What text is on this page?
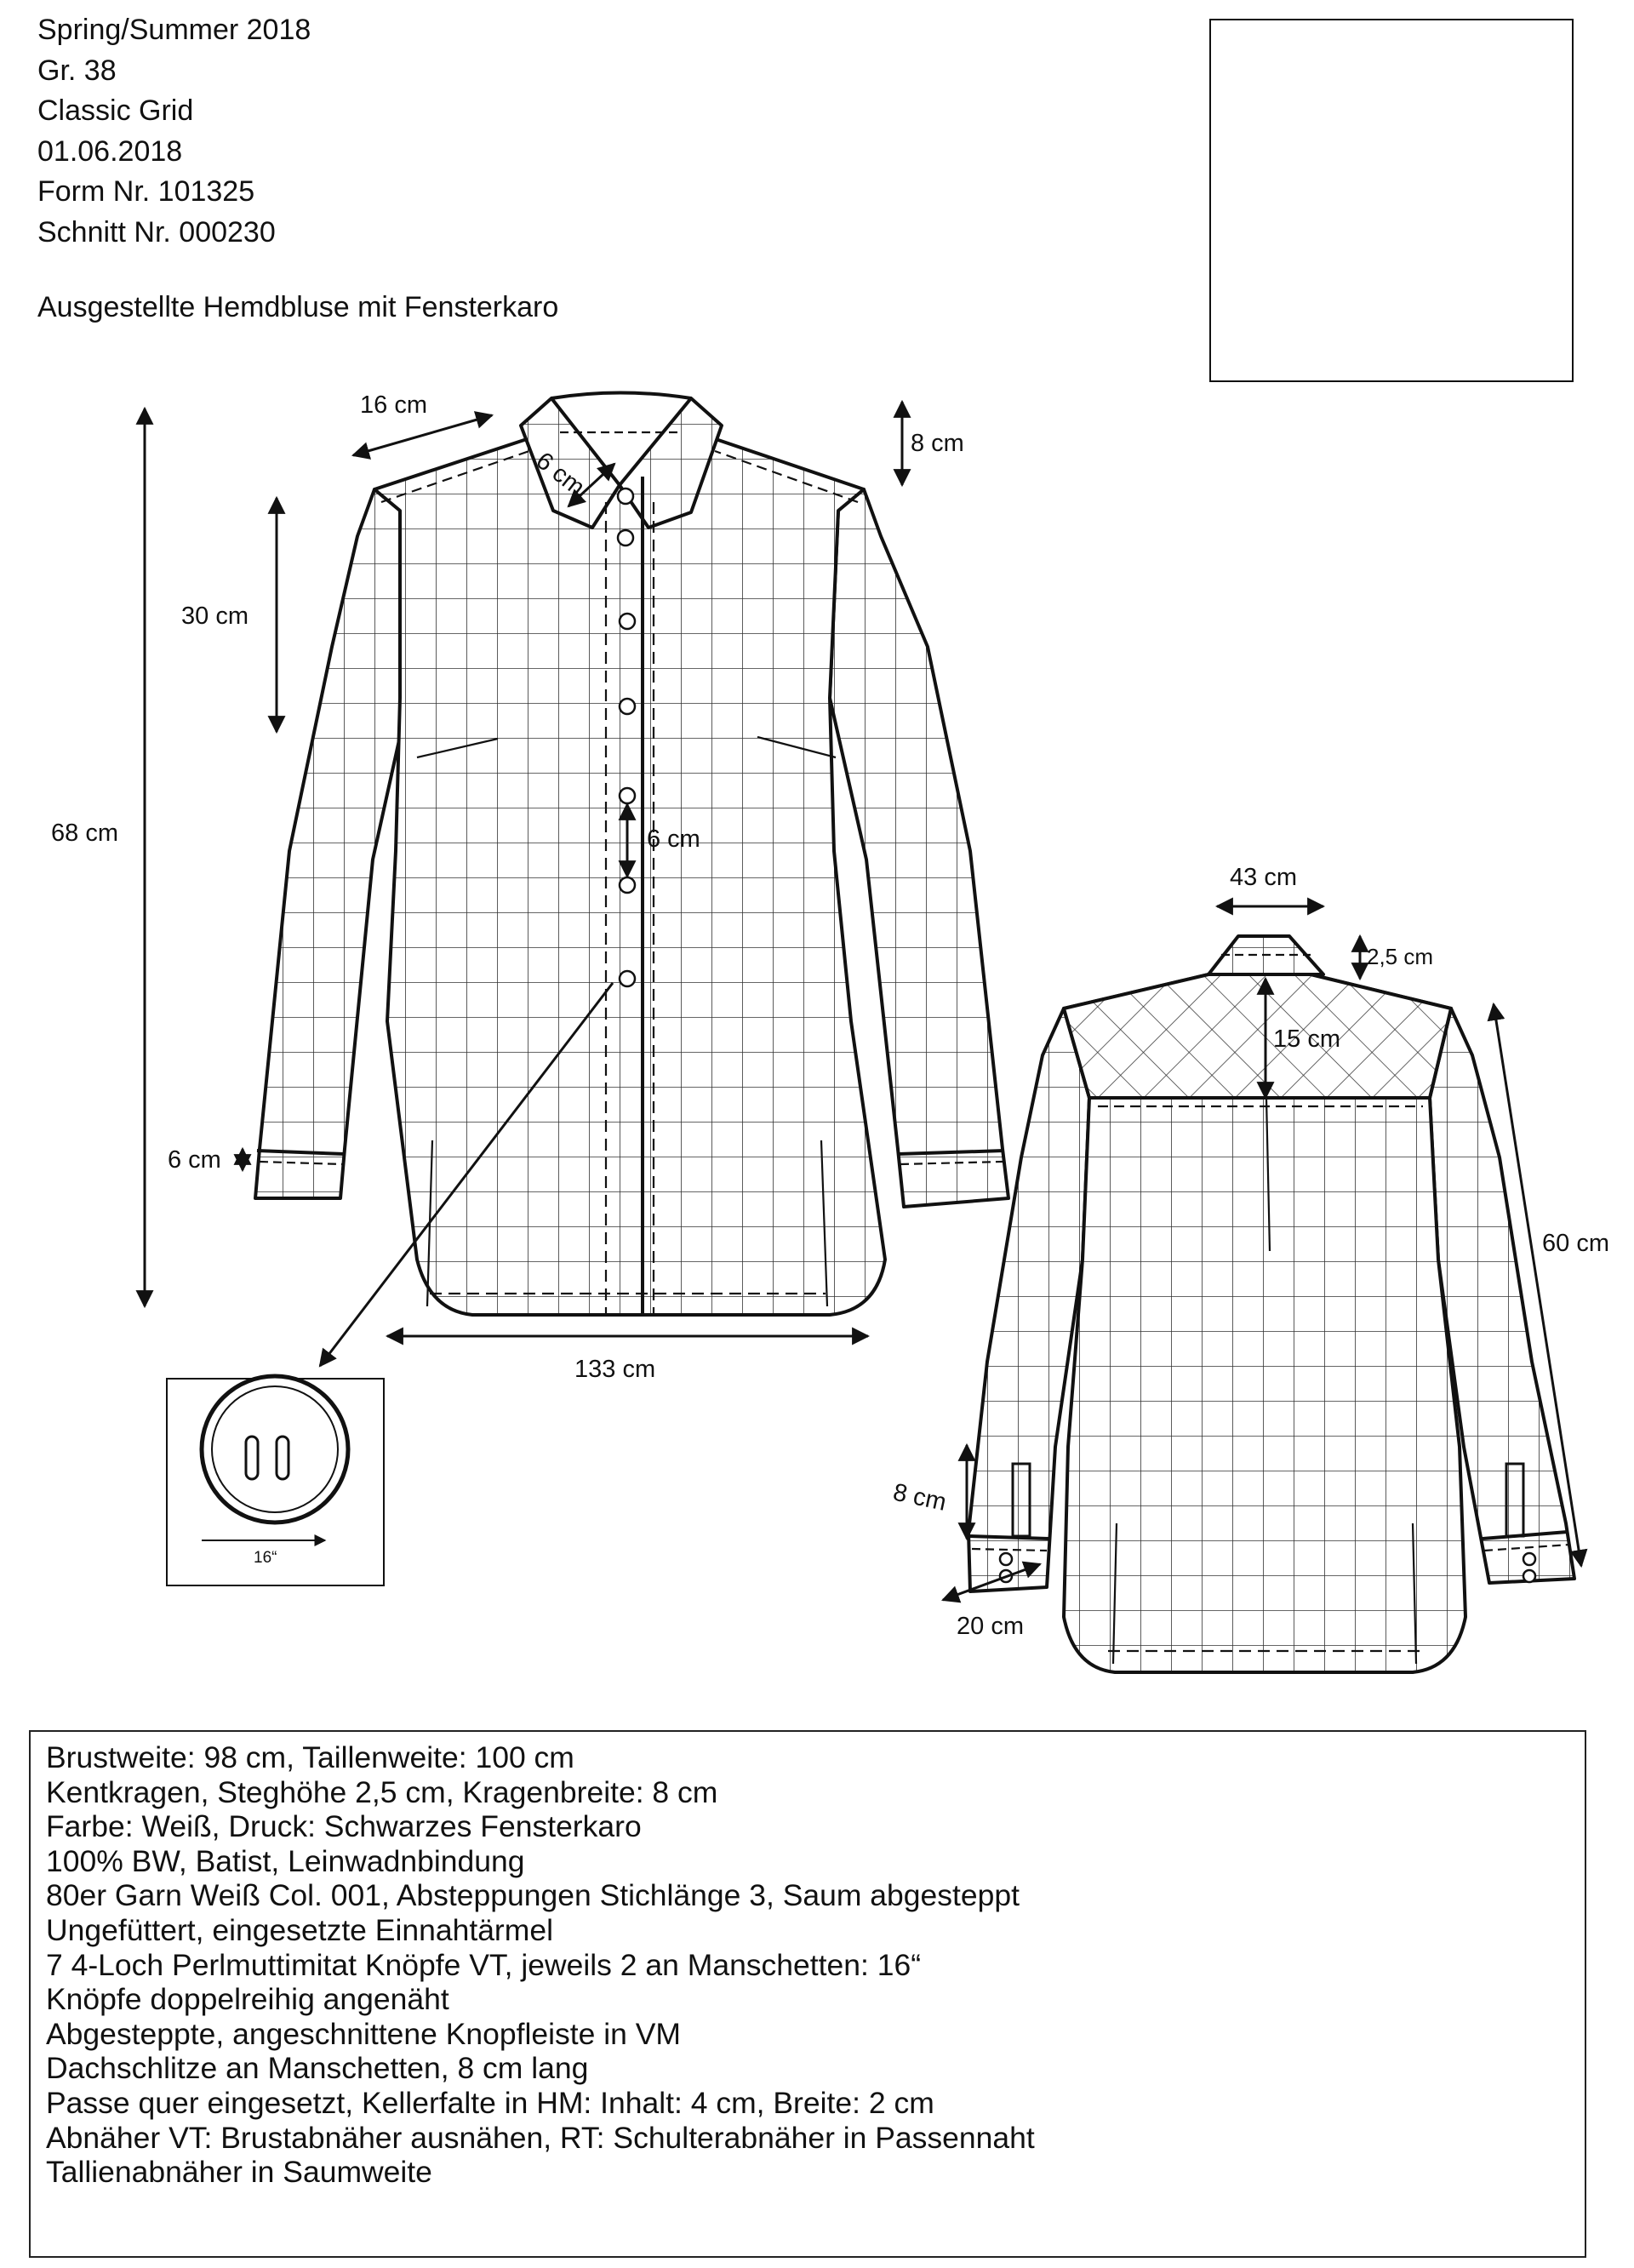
Spring/Summer 2018
Gr. 38
Classic Grid
01.06.2018
Form Nr. 101325
Schnitt Nr. 000230
Ausgestellte Hemdbluse mit Fensterkaro
16 cm
6 cm
8 cm
30 cm
68 cm	6 cm
6 cm
133 cm
16“
43 cm
2,5 cm
15 cm
60 cm
8 cm
20 cm
Brustweite: 98 cm, Taillenweite: 100 cm
Kentkragen, Steghöhe 2,5 cm, Kragenbreite: 8 cm
Farbe: Weiß, Druck: Schwarzes Fensterkaro
100% BW, Batist, Leinwadnbindung
80er Garn Weiß Col. 001, Absteppungen Stichlänge 3, Saum abgesteppt
Ungefüttert, eingesetzte Einnahtärmel
7 4-Loch Perlmuttimitat Knöpfe VT, jeweils 2 an Manschetten: 16“
Knöpfe doppelreihig angenäht
Abgesteppte, angeschnittene Knopfleiste in VM
Dachschlitze an Manschetten, 8 cm lang
Passe quer eingesetzt, Kellerfalte in HM: Inhalt: 4 cm, Breite: 2 cm
Abnäher VT: Brustabnäher ausnähen, RT: Schulterabnäher in Passennaht
Tallienabnäher in Saumweite
